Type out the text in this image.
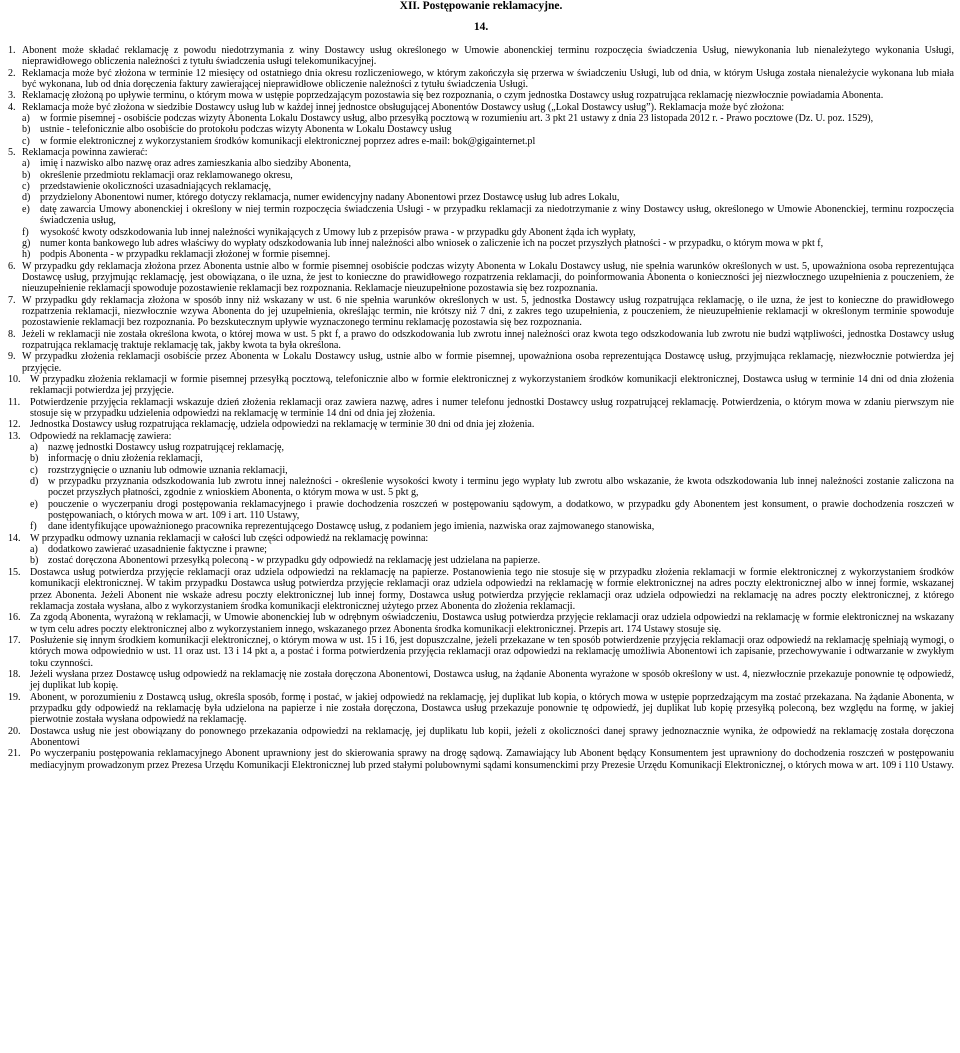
XII. Postępowanie reklamacyjne.
14.
1. Abonent może składać reklamację z powodu niedotrzymania z winy Dostawcy usług określonego w Umowie abonenckiej terminu rozpoczęcia świadczenia Usług, niewykonania lub nienależytego wykonania Usługi, nieprawidłowego obliczenia należności z tytułu świadczenia usługi telekomunikacyjnej.
2. Reklamacja może być złożona w terminie 12 miesięcy od ostatniego dnia okresu rozliczeniowego, w którym zakończyła się przerwa w świadczeniu Usługi, lub od dnia, w którym Usługa została nienależycie wykonana lub miała być wykonana, lub od dnia doręczenia faktury zawierającej nieprawidłowe obliczenie należności z tytułu świadczenia Usługi.
3. Reklamację złożoną po upływie terminu, o którym mowa w ustępie poprzedzającym pozostawia się bez rozpoznania, o czym jednostka Dostawcy usług rozpatrująca reklamację niezwłocznie powiadamia Abonenta.
4. Reklamacja może być złożona w siedzibie Dostawcy usług lub w każdej innej jednostce obsługującej Abonentów Dostawcy usług („Lokal Dostawcy usług”). Reklamacja może być złożona:
a) w formie pisemnej - osobiście podczas wizyty Abonenta Lokalu Dostawcy usług, albo przesyłką pocztową w rozumieniu art. 3 pkt 21 ustawy z dnia 23 listopada 2012 r. - Prawo pocztowe (Dz. U. poz. 1529),
b) ustnie - telefonicznie albo osobiście do protokołu podczas wizyty Abonenta w Lokalu Dostawcy usług
c) w formie elektronicznej z wykorzystaniem środków komunikacji elektronicznej poprzez adres e-mail: bok@gigainternet.pl
5. Reklamacja powinna zawierać:
a) imię i nazwisko albo nazwę oraz adres zamieszkania albo siedziby Abonenta,
b) określenie przedmiotu reklamacji oraz reklamowanego okresu,
c) przedstawienie okoliczności uzasadniających reklamację,
d) przydzielony Abonentowi numer, którego dotyczy reklamacja, numer ewidencyjny nadany Abonentowi przez Dostawcę usług lub adres Lokalu,
e) datę zawarcia Umowy abonenckiej i określony w niej termin rozpoczęcia świadczenia Usługi - w przypadku reklamacji za niedotrzymanie z winy Dostawcy usług, określonego w Umowie Abonenckiej, terminu rozpoczęcia świadczenia usług,
f) wysokość kwoty odszkodowania lub innej należności wynikających z Umowy lub z przepisów prawa - w przypadku gdy Abonent żąda ich wypłaty,
g) numer konta bankowego lub adres właściwy do wypłaty odszkodowania lub innej należności albo wniosek o zaliczenie ich na poczet przyszłych płatności - w przypadku, o którym mowa w pkt f,
h) podpis Abonenta - w przypadku reklamacji złożonej w formie pisemnej.
6. W przypadku gdy reklamacja złożona przez Abonenta ustnie albo w formie pisemnej osobiście podczas wizyty Abonenta w Lokalu Dostawcy usług, nie spełnia warunków określonych w ust. 5, upoważniona osoba reprezentująca Dostawcę usług, przyjmując reklamację, jest obowiązana, o ile uzna, że jest to konieczne do prawidłowego rozpatrzenia reklamacji, do poinformowania Abonenta o konieczności jej niezwłocznego uzupełnienia z pouczeniem, że nieuzupełnienie reklamacji spowoduje pozostawienie reklamacji bez rozpoznania. Reklamacje nieuzupełnione pozostawia się bez rozpoznania.
7. W przypadku gdy reklamacja złożona w sposób inny niż wskazany w ust. 6 nie spełnia warunków określonych w ust. 5, jednostka Dostawcy usług rozpatrująca reklamację, o ile uzna, że jest to konieczne do prawidłowego rozpatrzenia reklamacji, niezwłocznie wzywa Abonenta do jej uzupełnienia, określając termin, nie krótszy niż 7 dni, z zakres tego uzupełnienia, z pouczeniem, że nieuzupełnienie reklamacji w określonym terminie spowoduje pozostawienie reklamacji bez rozpoznania. Po bezskutecznym upływie wyznaczonego terminu reklamację pozostawia się bez rozpoznania.
8. Jeżeli w reklamacji nie została określona kwota, o której mowa w ust. 5 pkt f, a prawo do odszkodowania lub zwrotu innej należności oraz kwota tego odszkodowania lub zwrotu nie budzi wątpliwości, jednostka Dostawcy usług rozpatrująca reklamację traktuje reklamację tak, jakby kwota ta była określona.
9. W przypadku złożenia reklamacji osobiście przez Abonenta w Lokalu Dostawcy usług, ustnie albo w formie pisemnej, upoważniona osoba reprezentująca Dostawcę usług, przyjmująca reklamację, niezwłocznie potwierdza jej przyjęcie.
10. W przypadku złożenia reklamacji w formie pisemnej przesyłką pocztową, telefonicznie albo w formie elektronicznej z wykorzystaniem środków komunikacji elektronicznej, Dostawca usług w terminie 14 dni od dnia złożenia reklamacji potwierdza jej przyjęcie.
11. Potwierdzenie przyjęcia reklamacji wskazuje dzień złożenia reklamacji oraz zawiera nazwę, adres i numer telefonu jednostki Dostawcy usług rozpatrującej reklamację. Potwierdzenia, o którym mowa w zdaniu pierwszym nie stosuje się w przypadku udzielenia odpowiedzi na reklamację w terminie 14 dni od dnia jej złożenia.
12. Jednostka Dostawcy usług rozpatrująca reklamację, udziela odpowiedzi na reklamację w terminie 30 dni od dnia jej złożenia.
13. Odpowiedź na reklamację zawiera:
a) nazwę jednostki Dostawcy usług rozpatrującej reklamację,
b) informację o dniu złożenia reklamacji,
c) rozstrzygnięcie o uznaniu lub odmowie uznania reklamacji,
d) w przypadku przyznania odszkodowania lub zwrotu innej należności - określenie wysokości kwoty i terminu jego wypłaty lub zwrotu albo wskazanie, że kwota odszkodowania lub innej należności zostanie zaliczona na poczet przyszłych płatności, zgodnie z wnioskiem Abonenta, o którym mowa w ust. 5 pkt g,
e) pouczenie o wyczerpaniu drogi postępowania reklamacyjnego i prawie dochodzenia roszczeń w postępowaniu sądowym, a dodatkowo, w przypadku gdy Abonentem jest konsument, o prawie dochodzenia roszczeń w postępowaniach, o których mowa w art. 109 i art. 110 Ustawy,
f) dane identyfikujące upoważnionego pracownika reprezentującego Dostawcę usług, z podaniem jego imienia, nazwiska oraz zajmowanego stanowiska,
14. W przypadku odmowy uznania reklamacji w całości lub części odpowiedź na reklamację powinna:
a) dodatkowo zawierać uzasadnienie faktyczne i prawne;
b) zostać doręczona Abonentowi przesyłką poleconą - w przypadku gdy odpowiedź na reklamację jest udzielana na papierze.
15. Dostawca usług potwierdza przyjęcie reklamacji oraz udziela odpowiedzi na reklamację na papierze. Postanowienia tego nie stosuje się w przypadku złożenia reklamacji w formie elektronicznej z wykorzystaniem środków komunikacji elektronicznej. W takim przypadku Dostawca usług potwierdza przyjęcie reklamacji oraz udziela odpowiedzi na reklamację w formie elektronicznej na adres poczty elektronicznej albo w innej formie, wskazanej przez Abonenta. Jeżeli Abonent nie wskaże adresu poczty elektronicznej lub innej formy, Dostawca usług potwierdza przyjęcie reklamacji oraz udziela odpowiedzi na reklamację na adres poczty elektronicznej, z którego reklamacja została wysłana, albo z wykorzystaniem środka komunikacji elektronicznej użytego przez Abonenta do złożenia reklamacji.
16. Za zgodą Abonenta, wyrażoną w reklamacji, w Umowie abonenckiej lub w odrębnym oświadczeniu, Dostawca usług potwierdza przyjęcie reklamacji oraz udziela odpowiedzi na reklamację w formie elektronicznej na wskazany w tym celu adres poczty elektronicznej albo z wykorzystaniem innego, wskazanego przez Abonenta środka komunikacji elektronicznej. Przepis art. 174 Ustawy stosuje się.
17. Posłużenie się innym środkiem komunikacji elektronicznej, o którym mowa w ust. 15 i 16, jest dopuszczalne, jeżeli przekazane w ten sposób potwierdzenie przyjęcia reklamacji oraz odpowiedź na reklamację spełniają wymogi, o których mowa odpowiednio w ust. 11 oraz ust. 13 i 14 pkt a, a postać i forma potwierdzenia przyjęcia reklamacji oraz odpowiedzi na reklamację umożliwia Abonentowi ich zapisanie, przechowywanie i odtwarzanie w zwykłym toku czynności.
18. Jeżeli wysłana przez Dostawcę usług odpowiedź na reklamację nie została doręczona Abonentowi, Dostawca usług, na żądanie Abonenta wyrażone w sposób określony w ust. 4, niezwłocznie przekazuje ponownie tę odpowiedź, jej duplikat lub kopię.
19. Abonent, w porozumieniu z Dostawcą usług, określa sposób, formę i postać, w jakiej odpowiedź na reklamację, jej duplikat lub kopia, o których mowa w ustępie poprzedzającym ma zostać przekazana. Na żądanie Abonenta, w przypadku gdy odpowiedź na reklamację była udzielona na papierze i nie została doręczona, Dostawca usług przekazuje ponownie tę odpowiedź, jej duplikat lub kopię przesyłką poleconą, bez względu na formę, w jakiej pierwotnie została wysłana odpowiedź na reklamację.
20. Dostawca usług nie jest obowiązany do ponownego przekazania odpowiedzi na reklamację, jej duplikatu lub kopii, jeżeli z okoliczności danej sprawy jednoznacznie wynika, że odpowiedź na reklamację została doręczona Abonentowi
21. Po wyczerpaniu postępowania reklamacyjnego Abonent uprawniony jest do skierowania sprawy na drogę sądową. Zamawiający lub Abonent będący Konsumentem jest uprawniony do dochodzenia roszczeń w postępowaniu mediacyjnym prowadzonym przez Prezesa Urzędu Komunikacji Elektronicznej lub przed stałymi polubownymi sądami konsumenckimi przy Prezesie Urzędu Komunikacji Elektronicznej, o których mowa w art. 109 i 110 Ustawy.
